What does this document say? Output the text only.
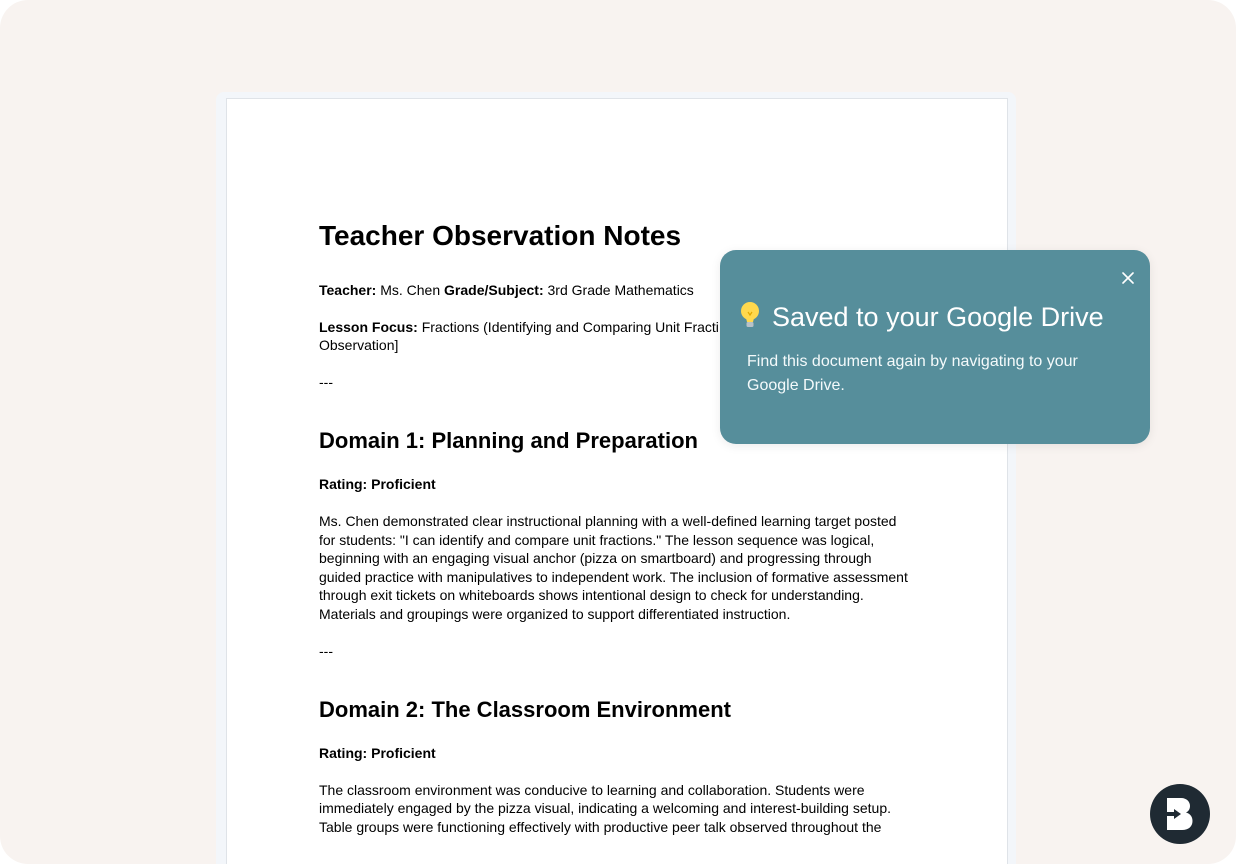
Teacher Observation Notes
Teacher: Ms. Chen Grade/Subject: 3rd Grade Mathematics
Lesson Focus: Fractions (Identifying and Comparing Unit Fracti
Observation]
---
Domain 1: Planning and Preparation
Rating: Proficient
Ms. Chen demonstrated clear instructional planning with a well-defined learning target posted
for students: "I can identify and compare unit fractions." The lesson sequence was logical,
beginning with an engaging visual anchor (pizza on smartboard) and progressing through
guided practice with manipulatives to independent work. The inclusion of formative assessment
through exit tickets on whiteboards shows intentional design to check for understanding.
Materials and groupings were organized to support differentiated instruction.
---
Domain 2: The Classroom Environment
Rating: Proficient
The classroom environment was conducive to learning and collaboration. Students were
immediately engaged by the pizza visual, indicating a welcoming and interest-building setup.
Table groups were functioning effectively with productive peer talk observed throughout the
Saved to your Google Drive
Find this document again by navigating to your Google Drive.
